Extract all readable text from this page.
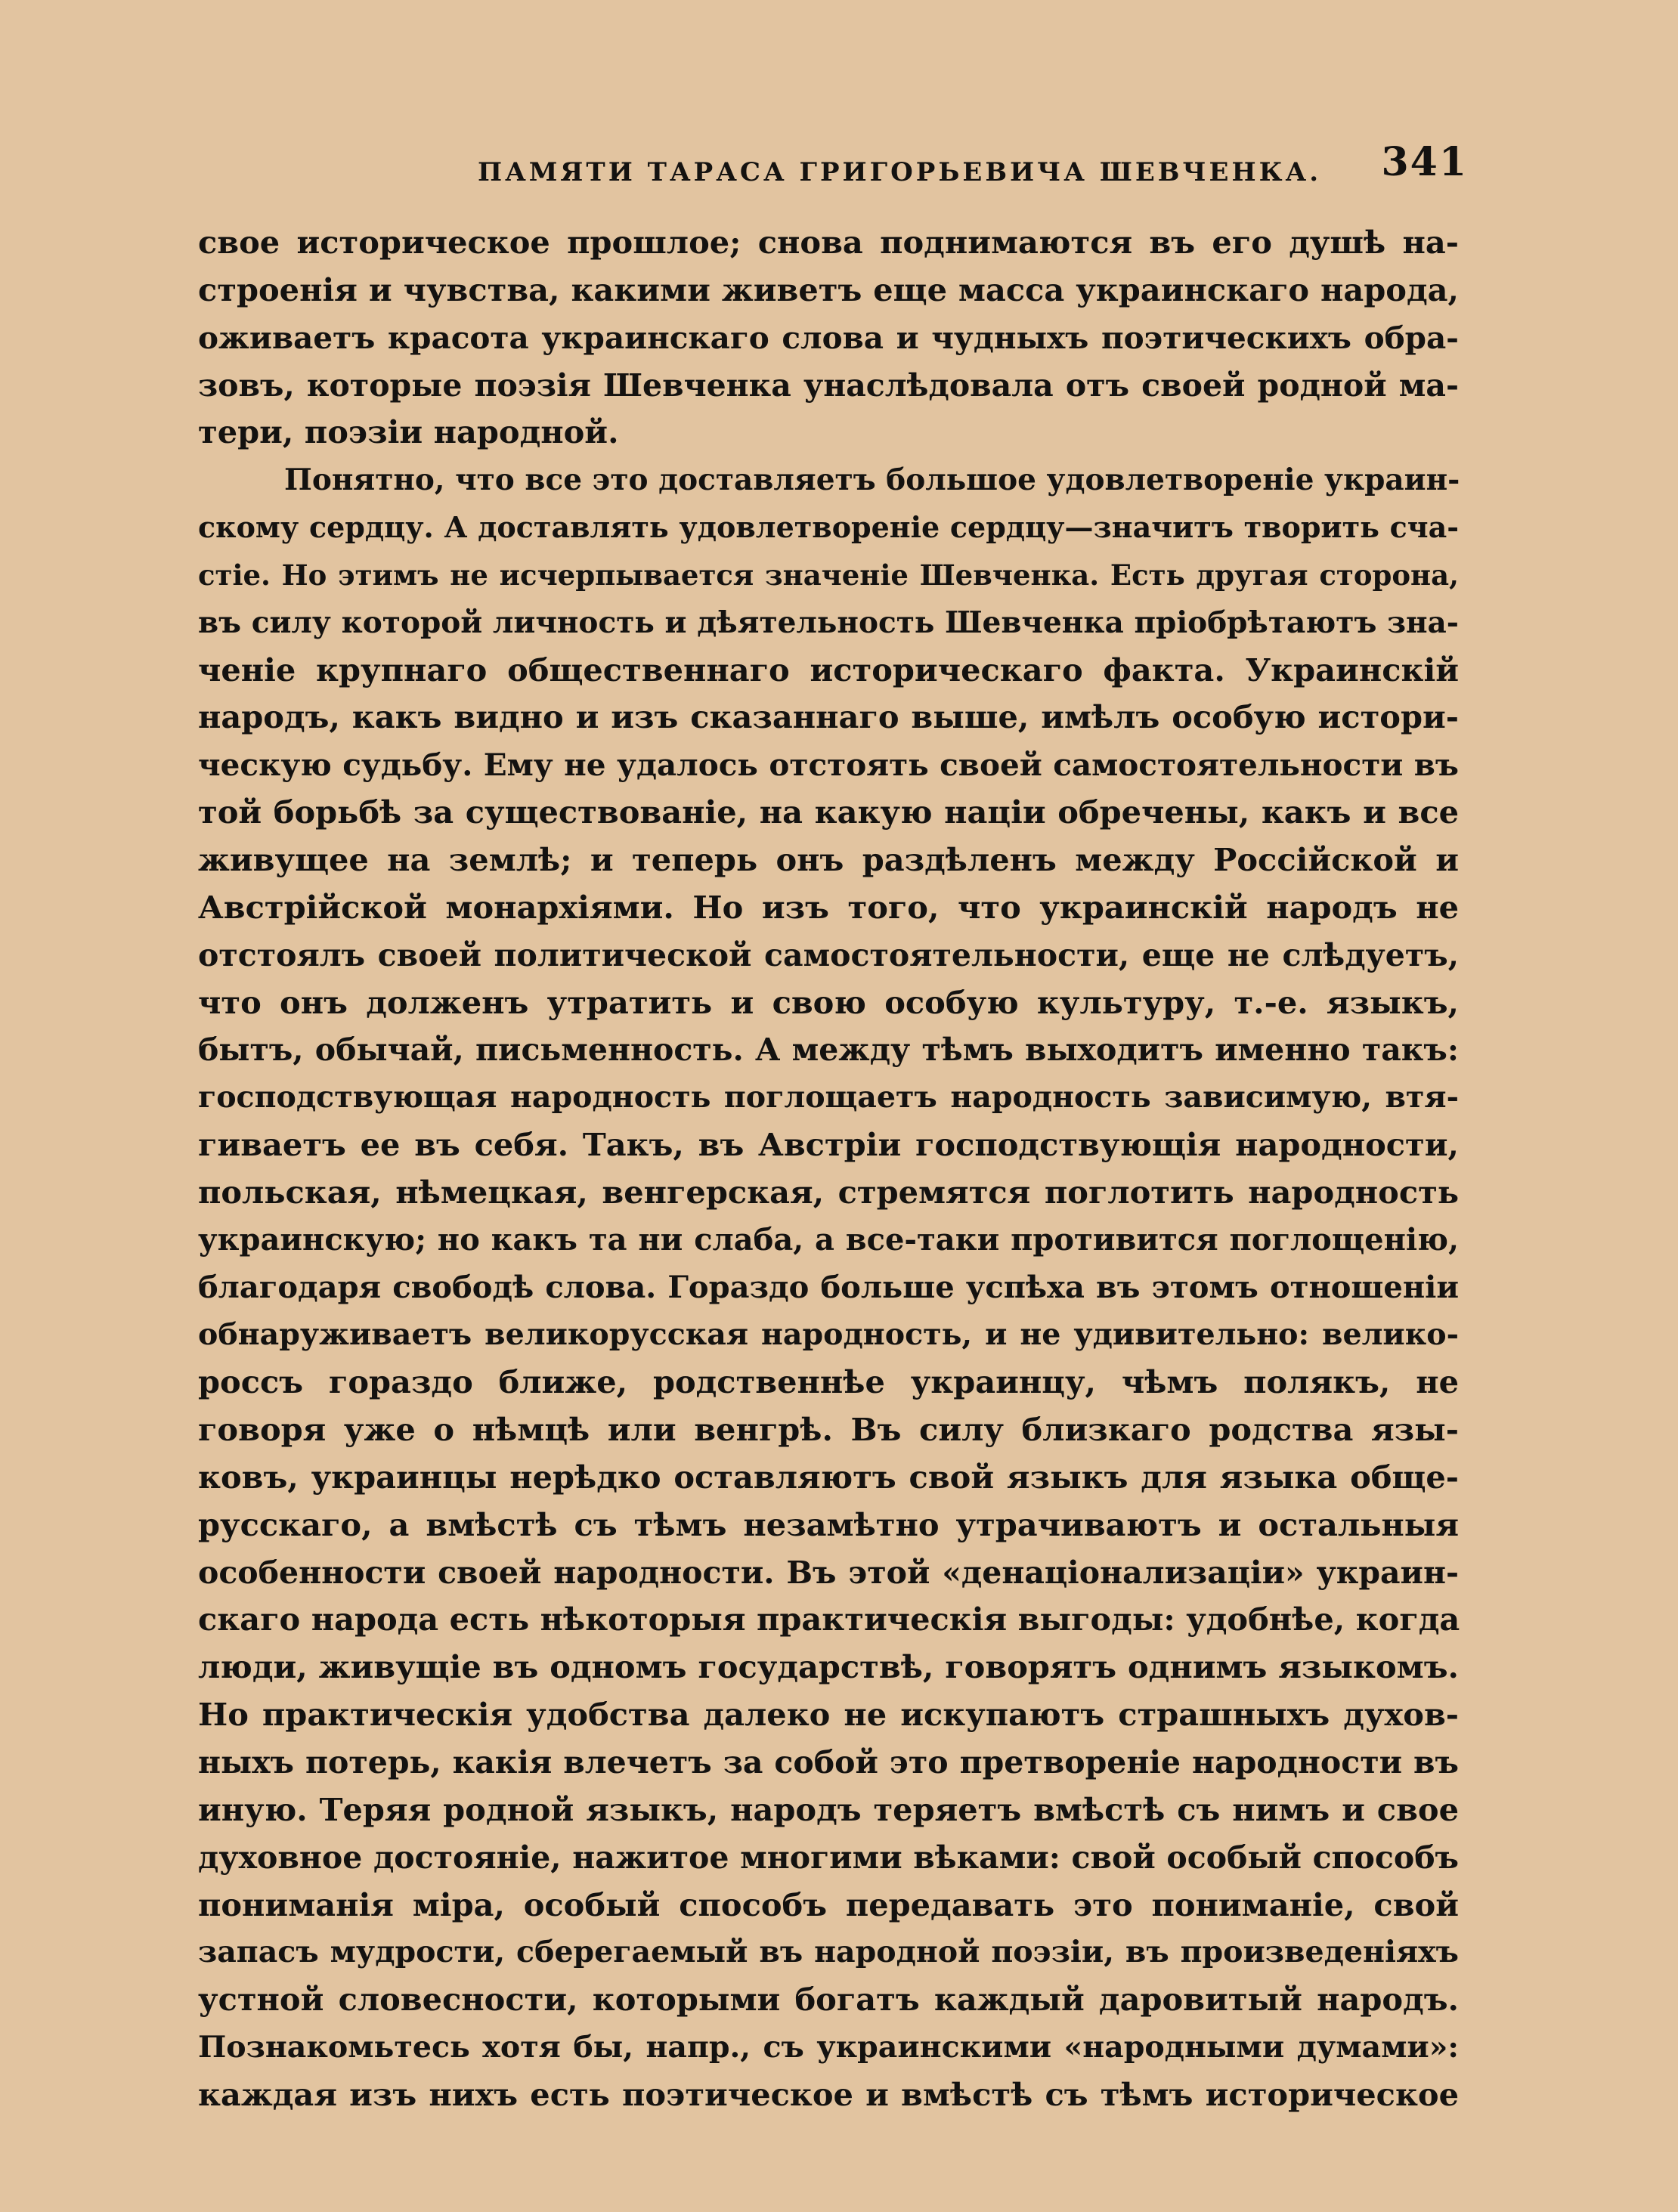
ПАМЯТИ ТАРАСА ГРИГОРЬЕВИЧА ШЕВЧЕНКА. 341
свое историческое прошлое; снова поднимаются въ его душѣ на-
строенія и чувства, какими живетъ еще масса украинскаго народа,
оживаетъ красота украинскаго слова и чудныхъ поэтическихъ обра-
зовъ, которые поэзія Шевченка унаслѣдовала отъ своей родной ма-
тери, поэзіи народной.
Понятно, что все это доставляетъ большое удовлетвореніе украин-
скому сердцу. А доставлять удовлетвореніе сердцу—значитъ творить сча-
стіе. Но этимъ не исчерпывается значеніе Шевченка. Есть другая сторона,
въ силу которой личность и дѣятельность Шевченка пріобрѣтаютъ зна-
ченіе крупнаго общественнаго историческаго факта. Украинскій
народъ, какъ видно и изъ сказаннаго выше, имѣлъ особую истори-
ческую судьбу. Ему не удалось отстоять своей самостоятельности въ
той борьбѣ за существованіе, на какую націи обречены, какъ и все
живущее на землѣ; и теперь онъ раздѣленъ между Россійской и
Австрійской монархіями. Но изъ того, что украинскій народъ не
отстоялъ своей политической самостоятельности, еще не слѣдуетъ,
что онъ долженъ утратить и свою особую культуру, т.-е. языкъ,
бытъ, обычай, письменность. А между тѣмъ выходитъ именно такъ:
господствующая народность поглощаетъ народность зависимую, втя-
гиваетъ ее въ себя. Такъ, въ Австріи господствующія народности,
польская, нѣмецкая, венгерская, стремятся поглотить народность
украинскую; но какъ та ни слаба, а все-таки противится поглощенію,
благодаря свободѣ слова. Гораздо больше успѣха въ этомъ отношеніи
обнаруживаетъ великорусская народность, и не удивительно: велико-
россъ гораздо ближе, родственнѣе украинцу, чѣмъ полякъ, не
говоря уже о нѣмцѣ или венгрѣ. Въ силу близкаго родства язы-
ковъ, украинцы нерѣдко оставляютъ свой языкъ для языка обще-
русскаго, а вмѣстѣ съ тѣмъ незамѣтно утрачиваютъ и остальныя
особенности своей народности. Въ этой «денаціонализаціи» украин-
скаго народа есть нѣкоторыя практическія выгоды: удобнѣе, когда
люди, живущіе въ одномъ государствѣ, говорятъ однимъ языкомъ.
Но практическія удобства далеко не искупаютъ страшныхъ духов-
ныхъ потерь, какія влечетъ за собой это претвореніе народности въ
иную. Теряя родной языкъ, народъ теряетъ вмѣстѣ съ нимъ и свое
духовное достояніе, нажитое многими вѣками: свой особый способъ
пониманія міра, особый способъ передавать это пониманіе, свой
запасъ мудрости, сберегаемый въ народной поэзіи, въ произведеніяхъ
устной словесности, которыми богатъ каждый даровитый народъ.
Познакомьтесь хотя бы, напр., съ украинскими «народными думами»:
каждая изъ нихъ есть поэтическое и вмѣстѣ съ тѣмъ историческое
